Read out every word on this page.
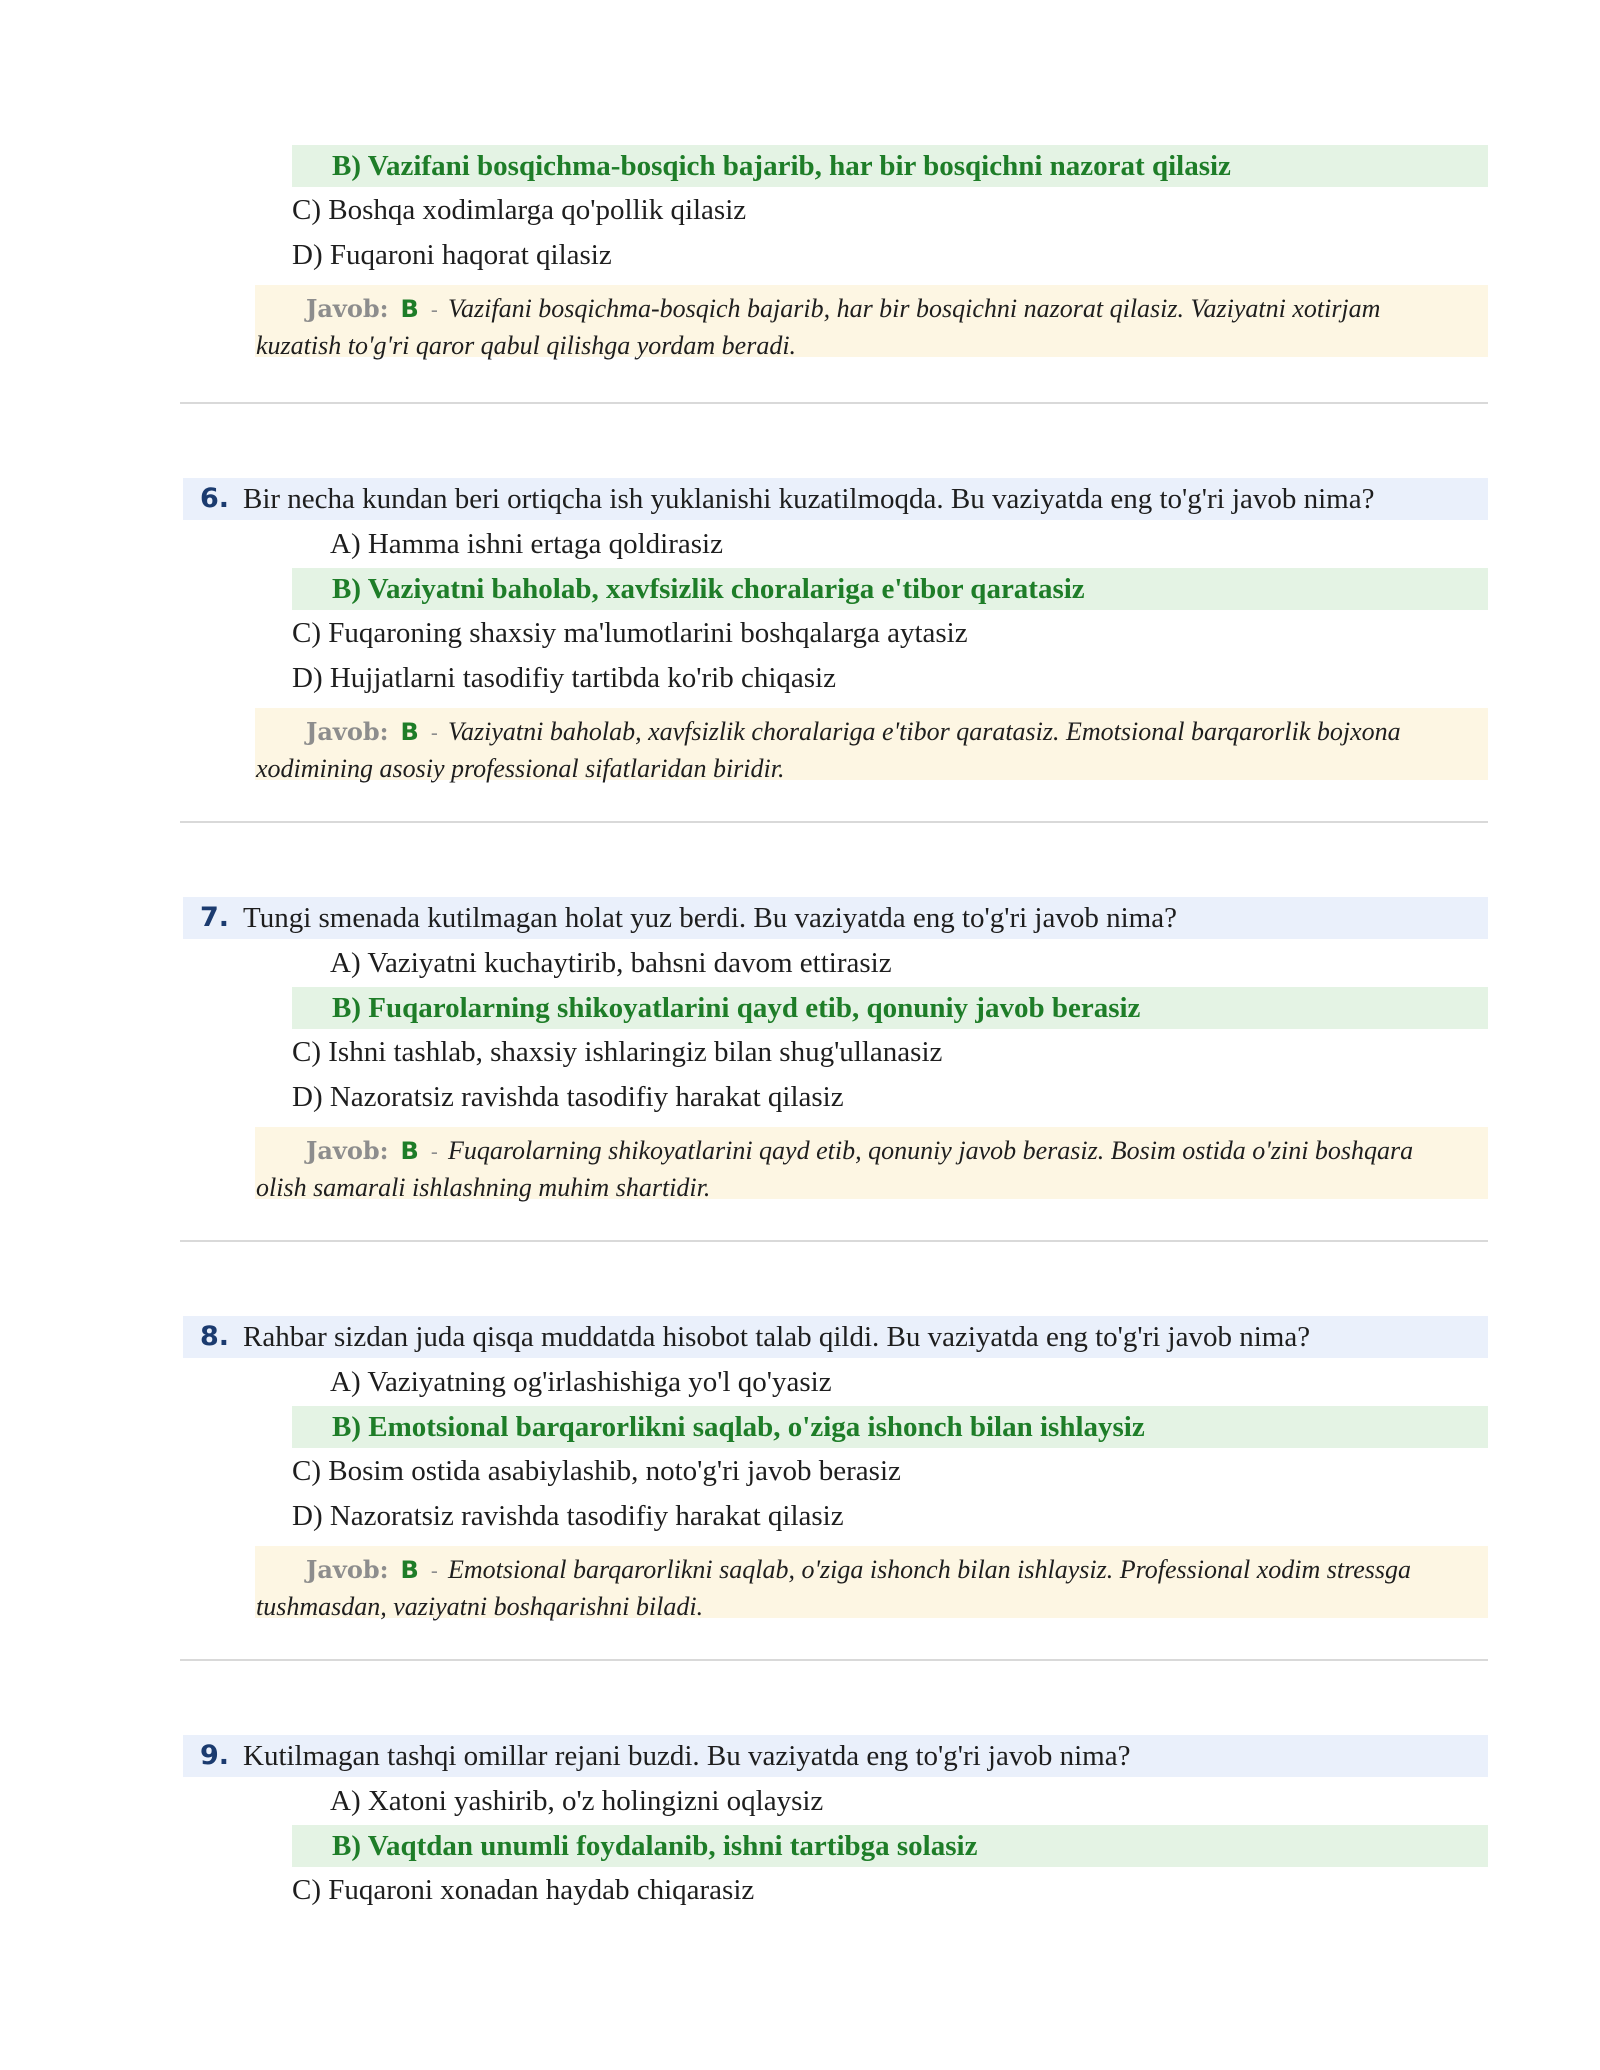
B) Vazifani bosqichma-bosqich bajarib, har bir bosqichni nazorat qilasiz
C) Boshqa xodimlarga qo'pollik qilasiz
D) Fuqaroni haqorat qilasiz
Javob: B - Vazifani bosqichma-bosqich bajarib, har bir bosqichni nazorat qilasiz. Vaziyatni xotirjam kuzatish to'g'ri qaror qabul qilishga yordam beradi.
6. Bir necha kundan beri ortiqcha ish yuklanishi kuzatilmoqda. Bu vaziyatda eng to'g'ri javob nima?
A) Hamma ishni ertaga qoldirasiz
B) Vaziyatni baholab, xavfsizlik choralariga e'tibor qaratasiz
C) Fuqaroning shaxsiy ma'lumotlarini boshqalarga aytasiz
D) Hujjatlarni tasodifiy tartibda ko'rib chiqasiz
Javob: B - Vaziyatni baholab, xavfsizlik choralariga e'tibor qaratasiz. Emotsional barqarorlik bojxona xodimining asosiy professional sifatlaridan biridir.
7. Tungi smenada kutilmagan holat yuz berdi. Bu vaziyatda eng to'g'ri javob nima?
A) Vaziyatni kuchaytirib, bahsni davom ettirasiz
B) Fuqarolarning shikoyatlarini qayd etib, qonuniy javob berasiz
C) Ishni tashlab, shaxsiy ishlaringiz bilan shug'ullanasiz
D) Nazoratsiz ravishda tasodifiy harakat qilasiz
Javob: B - Fuqarolarning shikoyatlarini qayd etib, qonuniy javob berasiz. Bosim ostida o'zini boshqara olish samarali ishlashning muhim shartidir.
8. Rahbar sizdan juda qisqa muddatda hisobot talab qildi. Bu vaziyatda eng to'g'ri javob nima?
A) Vaziyatning og'irlashishiga yo'l qo'yasiz
B) Emotsional barqarorlikni saqlab, o'ziga ishonch bilan ishlaysiz
C) Bosim ostida asabiylashib, noto'g'ri javob berasiz
D) Nazoratsiz ravishda tasodifiy harakat qilasiz
Javob: B - Emotsional barqarorlikni saqlab, o'ziga ishonch bilan ishlaysiz. Professional xodim stressga tushmasdan, vaziyatni boshqarishni biladi.
9. Kutilmagan tashqi omillar rejani buzdi. Bu vaziyatda eng to'g'ri javob nima?
A) Xatoni yashirib, o'z holingizni oqlaysiz
B) Vaqtdan unumli foydalanib, ishni tartibga solasiz
C) Fuqaroni xonadan haydab chiqarasiz
